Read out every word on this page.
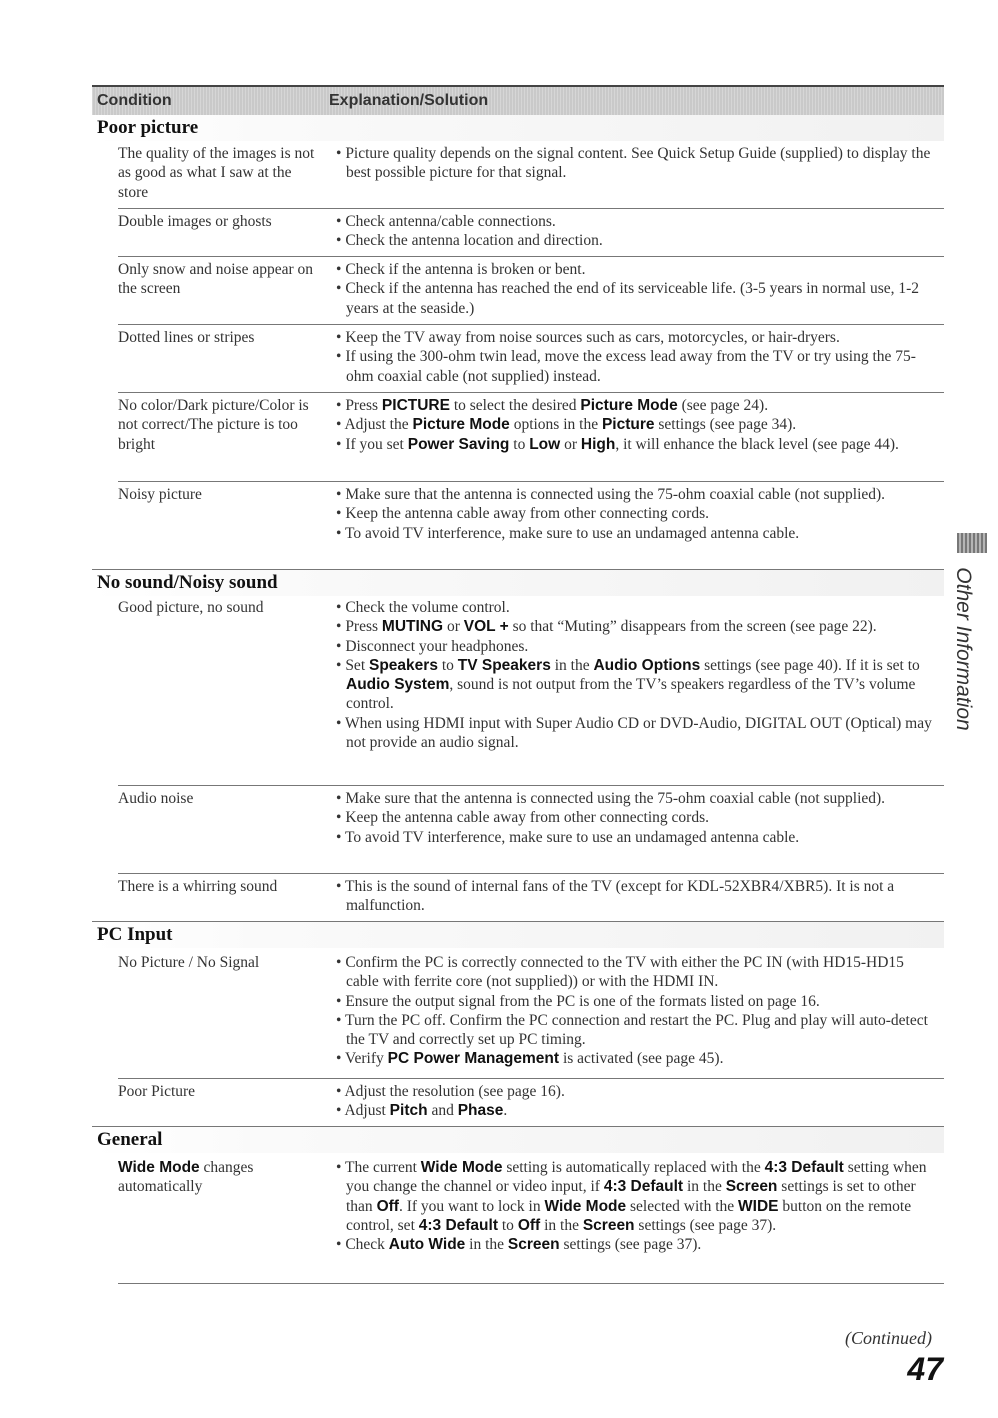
Condition	Explanation/Solution
Poor picture
The quality of the images is not as good as what I saw at the store
• Picture quality depends on the signal content. See Quick Setup Guide (supplied) to display the best possible picture for that signal.
Double images or ghosts	• Check antenna/cable connections.
• Check the antenna location and direction.
Only snow and noise appear on the screen
• Check if the antenna is broken or bent.
• Check if the antenna has reached the end of its serviceable life. (3-5 years in normal use, 1-2 years at the seaside.)
Dotted lines or stripes	• Keep the TV away from noise sources such as cars, motorcycles, or hair-dryers.
• If using the 300-ohm twin lead, move the excess lead away from the TV or try using the 75-ohm coaxial cable (not supplied) instead.
No color/Dark picture/Color is not correct/The picture is too bright
• Press PICTURE to select the desired Picture Mode (see page 24).
• Adjust the Picture Mode options in the Picture settings (see page 34).
• If you set Power Saving to Low or High, it will enhance the black level (see page 44).
Noisy picture	• Make sure that the antenna is connected using the 75-ohm coaxial cable (not supplied).
• Keep the antenna cable away from other connecting cords.
• To avoid TV interference, make sure to use an undamaged antenna cable.
No sound/Noisy sound
Good picture, no sound	• Check the volume control.
• Press MUTING or VOL + so that “Muting” disappears from the screen (see page 22).
• Disconnect your headphones.
• Set Speakers to TV Speakers in the Audio Options settings (see page 40). If it is set to Audio System, sound is not output from the TV’s speakers regardless of the TV’s volume control.
• When using HDMI input with Super Audio CD or DVD-Audio, DIGITAL OUT (Optical) may not provide an audio signal.
Audio noise	• Make sure that the antenna is connected using the 75-ohm coaxial cable (not supplied).
• Keep the antenna cable away from other connecting cords.
• To avoid TV interference, make sure to use an undamaged antenna cable.
There is a whirring sound	• This is the sound of internal fans of the TV (except for KDL-52XBR4/XBR5). It is not a malfunction.
PC Input
No Picture / No Signal	• Confirm the PC is correctly connected to the TV with either the PC IN (with HD15-HD15 cable with ferrite core (not supplied)) or with the HDMI IN.
• Ensure the output signal from the PC is one of the formats listed on page 16.
• Turn the PC off. Confirm the PC connection and restart the PC. Plug and play will auto-detect the TV and correctly set up PC timing.
• Verify PC Power Management is activated (see page 45).
Poor Picture	• Adjust the resolution (see page 16).
• Adjust Pitch and Phase.
General
Wide Mode changes automatically
• The current Wide Mode setting is automatically replaced with the 4:3 Default setting when you change the channel or video input, if 4:3 Default in the Screen settings is set to other than Off. If you want to lock in Wide Mode selected with the WIDE button on the remote control, set 4:3 Default to Off in the Screen settings (see page 37).
• Check Auto Wide in the Screen settings (see page 37).
Other Information
(Continued)
47
